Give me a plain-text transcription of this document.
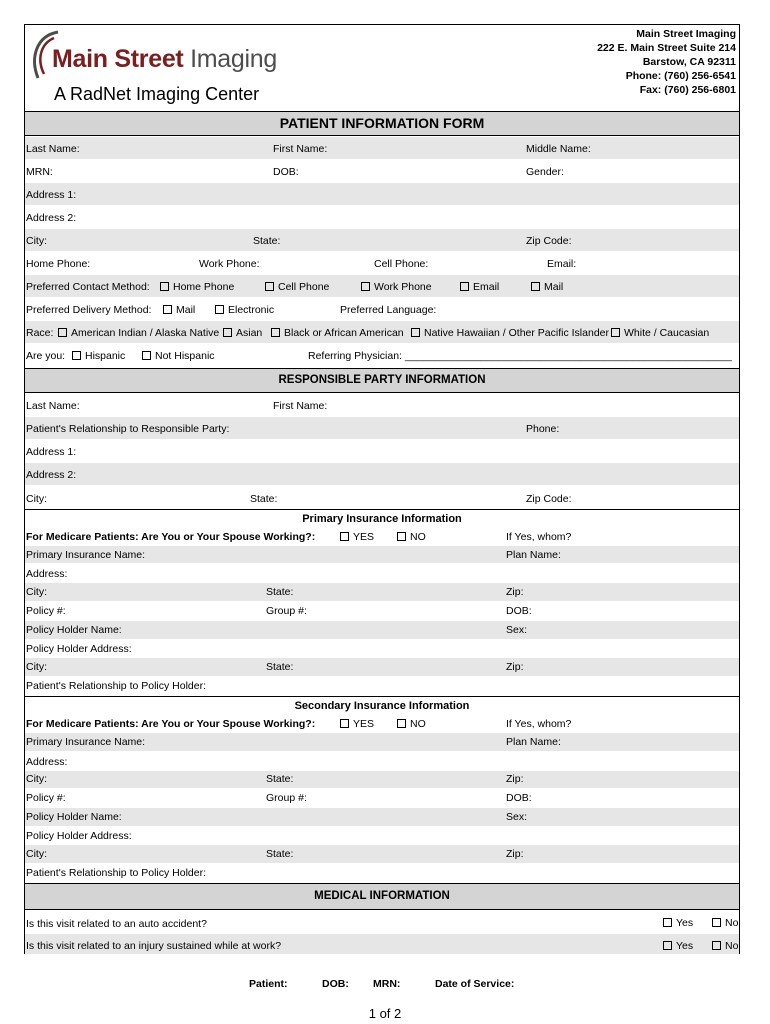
Main Street Imaging
A RadNet Imaging Center
Main Street Imaging
222 E. Main Street Suite 214
Barstow, CA 92311
Phone: (760) 256-6541
Fax: (760) 256-6801
PATIENT INFORMATION FORM
Last Name:	First Name:	Middle Name:
MRN:	DOB:	Gender:
Address 1:
Address 2:
City:	State:	Zip Code:
Home Phone:	Work Phone:	Cell Phone:	Email:
Preferred Contact Method:	Home Phone	Cell Phone	Work Phone	Email	Mail
Preferred Delivery Method:	Mail	Electronic	Preferred Language:
Race:	American Indian / Alaska Native	Asian	Black or African American	Native Hawaiian / Other Pacific Islander	White / Caucasian
Are you:	Hispanic	Not Hispanic	Referring Physician: ________________________________________________________
RESPONSIBLE PARTY INFORMATION
Last Name:	First Name:
Patient's Relationship to Responsible Party:	Phone:
Address 1:
Address 2:
City:	State:	Zip Code:
Primary Insurance Information
For Medicare Patients: Are You or Your Spouse Working?:	YES	NO	If Yes, whom?
Primary Insurance Name:	Plan Name:
Address:
City:	State:	Zip:
Policy #:	Group #:	DOB:
Policy Holder Name:	Sex:
Policy Holder Address:
City:	State:	Zip:
Patient's Relationship to Policy Holder:
Secondary Insurance Information
For Medicare Patients: Are You or Your Spouse Working?:	YES	NO	If Yes, whom?
Primary Insurance Name:	Plan Name:
Address:
City:	State:	Zip:
Policy #:	Group #:	DOB:
Policy Holder Name:	Sex:
Policy Holder Address:
City:	State:	Zip:
Patient's Relationship to Policy Holder:
MEDICAL INFORMATION
Is this visit related to an auto accident?	Yes	No
Is this visit related to an injury sustained while at work?	Yes	No
Patient:	DOB: MRN:	Date of Service:
1 of 2
